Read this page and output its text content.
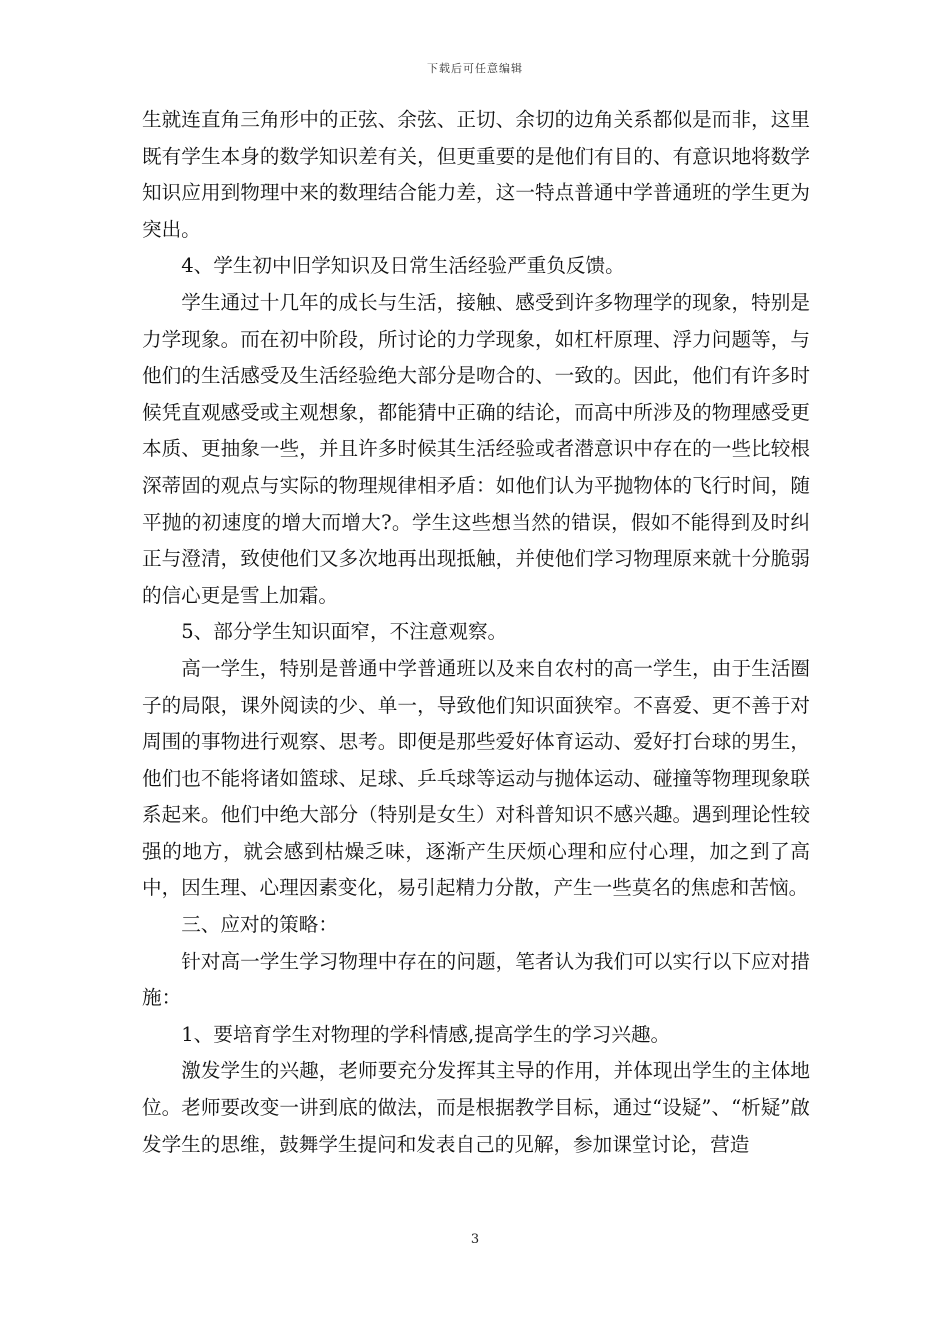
下载后可任意编辑

生就连直角三角形中的正弦、余弦、正切、余切的边角关系都似是而非，这里既有学生本身的数学知识差有关，但更重要的是他们有目的、有意识地将数学知识应用到物理中来的数理结合能力差，这一特点普通中学普通班的学生更为突出。

4、学生初中旧学知识及日常生活经验严重负反馈。

学生通过十几年的成长与生活，接触、感受到许多物理学的现象，特别是力学现象。而在初中阶段，所讨论的力学现象，如杠杆原理、浮力问题等，与他们的生活感受及生活经验绝大部分是吻合的、一致的。因此，他们有许多时候凭直观感受或主观想象，都能猜中正确的结论，而高中所涉及的物理感受更本质、更抽象一些，并且许多时候其生活经验或者潜意识中存在的一些比较根深蒂固的观点与实际的物理规律相矛盾：如他们认为平抛物体的飞行时间，随平抛的初速度的增大而增大?。学生这些想当然的错误，假如不能得到及时纠正与澄清，致使他们又多次地再出现抵触，并使他们学习物理原来就十分脆弱的信心更是雪上加霜。

5、部分学生知识面窄，不注意观察。

高一学生，特别是普通中学普通班以及来自农村的高一学生，由于生活圈子的局限，课外阅读的少、单一，导致他们知识面狭窄。不喜爱、更不善于对周围的事物进行观察、思考。即便是那些爱好体育运动、爱好打台球的男生，他们也不能将诸如篮球、足球、乒乓球等运动与抛体运动、碰撞等物理现象联系起来。他们中绝大部分（特别是女生）对科普知识不感兴趣。遇到理论性较强的地方，就会感到枯燥乏味，逐渐产生厌烦心理和应付心理，加之到了高中，因生理、心理因素变化，易引起精力分散，产生一些莫名的焦虑和苦恼。

三、应对的策略：

针对高一学生学习物理中存在的问题，笔者认为我们可以实行以下应对措施：

1、要培育学生对物理的学科情感,提高学生的学习兴趣。

激发学生的兴趣，老师要充分发挥其主导的作用，并体现出学生的主体地位。老师要改变一讲到底的做法，而是根据教学目标，通过“设疑”、“析疑”啟发学生的思维，鼓舞学生提问和发表自己的见解，参加课堂讨论，营造

3
